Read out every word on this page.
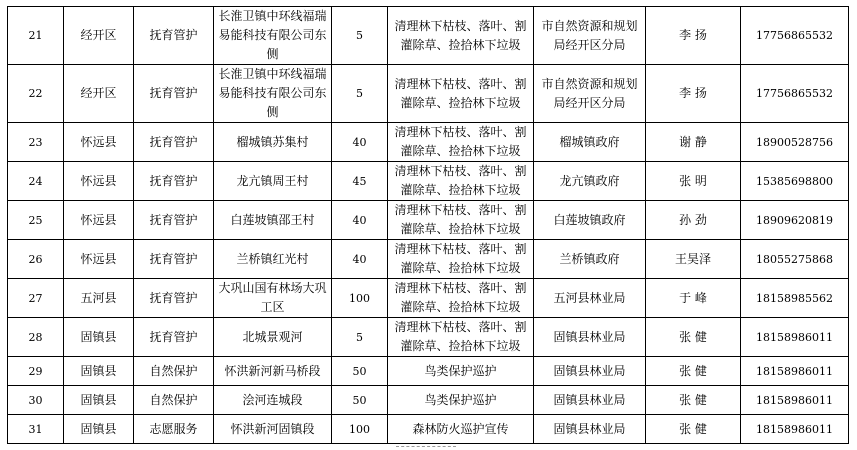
21	经开区	抚育管护	长淮卫镇中环线福瑞易能科技有限公司东侧	5	清理林下枯枝、落叶、割灌除草、捡拾林下垃圾	市自然资源和规划局经开区分局	李 扬	17756865532
22	经开区	抚育管护	长淮卫镇中环线福瑞易能科技有限公司东侧	5	清理林下枯枝、落叶、割灌除草、捡拾林下垃圾	市自然资源和规划局经开区分局	李 扬	17756865532
23	怀远县	抚育管护	榴城镇苏集村	40	清理林下枯枝、落叶、割灌除草、捡拾林下垃圾	榴城镇政府	谢 静	18900528756
24	怀远县	抚育管护	龙亢镇周王村	45	清理林下枯枝、落叶、割灌除草、捡拾林下垃圾	龙亢镇政府	张 明	15385698800
25	怀远县	抚育管护	白莲坡镇邵王村	40	清理林下枯枝、落叶、割灌除草、捡拾林下垃圾	白莲坡镇政府	孙 劲	18909620819
26	怀远县	抚育管护	兰桥镇红光村	40	清理林下枯枝、落叶、割灌除草、捡拾林下垃圾	兰桥镇政府	王昊泽	18055275868
27	五河县	抚育管护	大巩山国有林场大巩工区	100	清理林下枯枝、落叶、割灌除草、捡拾林下垃圾	五河县林业局	于 峰	18158985562
28	固镇县	抚育管护	北城景观河	5	清理林下枯枝、落叶、割灌除草、捡拾林下垃圾	固镇县林业局	张 健	18158986011
29	固镇县	自然保护	怀洪新河新马桥段	50	鸟类保护巡护	固镇县林业局	张 健	18158986011
30	固镇县	自然保护	浍河连城段	50	鸟类保护巡护	固镇县林业局	张 健	18158986011
31	固镇县	志愿服务	怀洪新河固镇段	100	森林防火巡护宣传	固镇县林业局	张 健	18158986011
